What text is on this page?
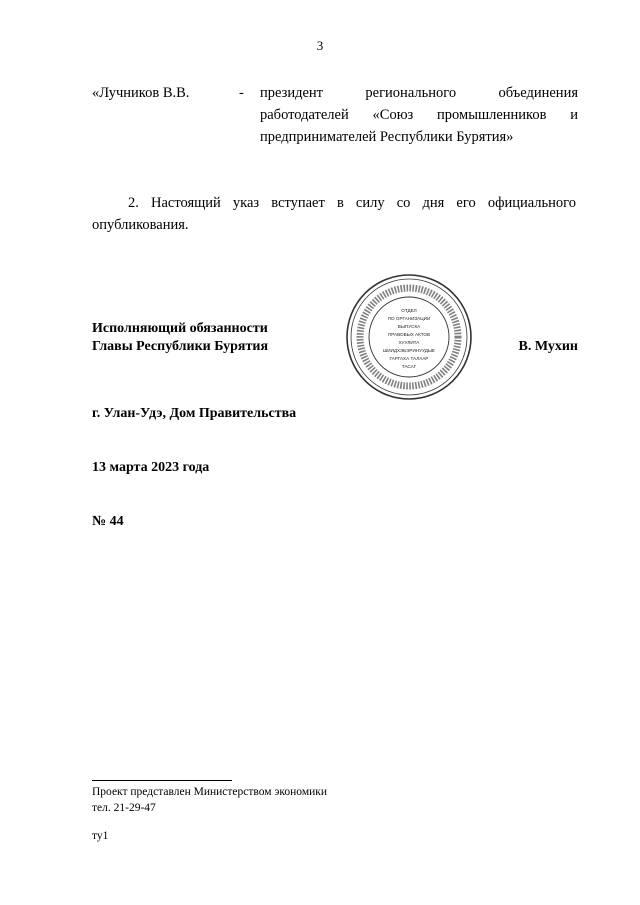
3
«Лучников В.В.	- президент регионального объединения работодателей «Союз промышленников и предпринимателей Республики Бурятия»
2. Настоящий указ вступает в силу со дня его официального опубликования.
Исполняющий обязанности
Главы Республики Бурятия
ОТДЕЛ
ПО ОРГАНИЗАЦИИ
ВЫПУСКА
ПРАВОВЫХ АКТОВ
ХУУЛИТА
ШИИДХЭБЭРИНУУДЫЕ
ГАРГАХА ТАЛААР
ТАСАГ
В. Мухин
г. Улан-Удэ, Дом Правительства
13 марта 2023 года
№ 44
Проект представлен Министерством экономики
тел. 21-29-47
ту1
